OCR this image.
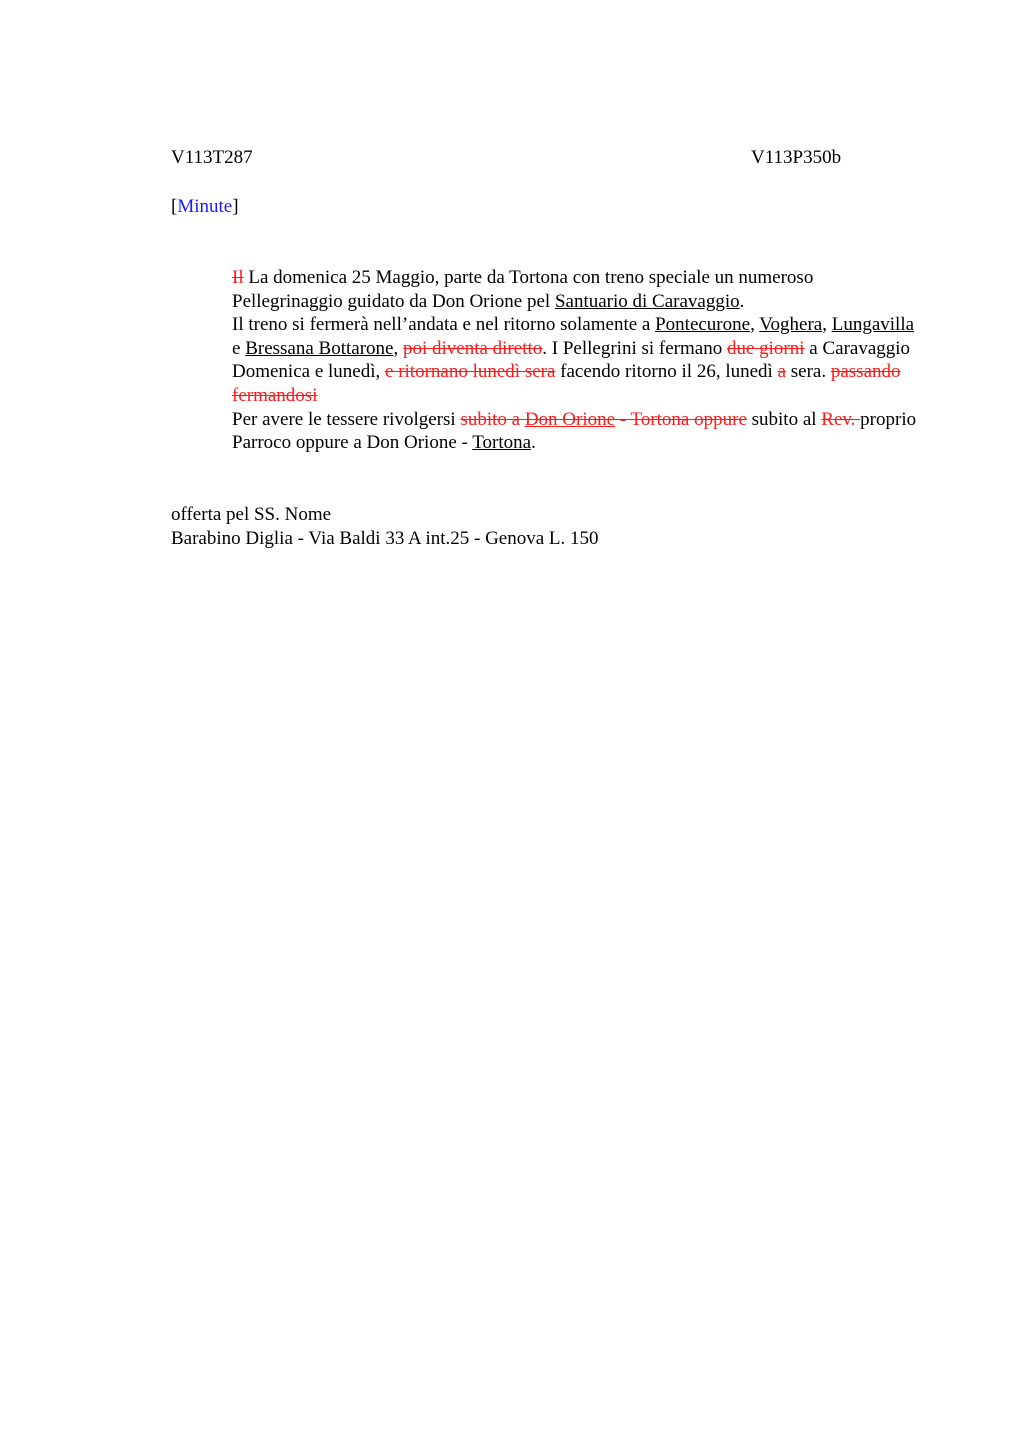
V113T287	V113P350b
[Minute]

Il La domenica 25 Maggio, parte da Tortona con treno speciale un numeroso Pellegrinaggio guidato da Don Orione pel Santuario di Caravaggio.

Il treno si fermerà nell’andata e nel ritorno solamente a Pontecurone, Voghera, Lungavilla e Bressana Bottarone, poi diventa diretto. I Pellegrini si fermano due giorni a Caravaggio Domenica e lunedì, e ritornano lunedì sera facendo ritorno il 26, lunedì a sera. passando fermandosi

Per avere le tessere rivolgersi subito a Don Orione - Tortona oppure subito al Rev. proprio Parroco oppure a Don Orione - Tortona.

offerta pel SS. Nome
Barabino Diglia - Via Baldi 33 A int.25 - Genova L. 150
